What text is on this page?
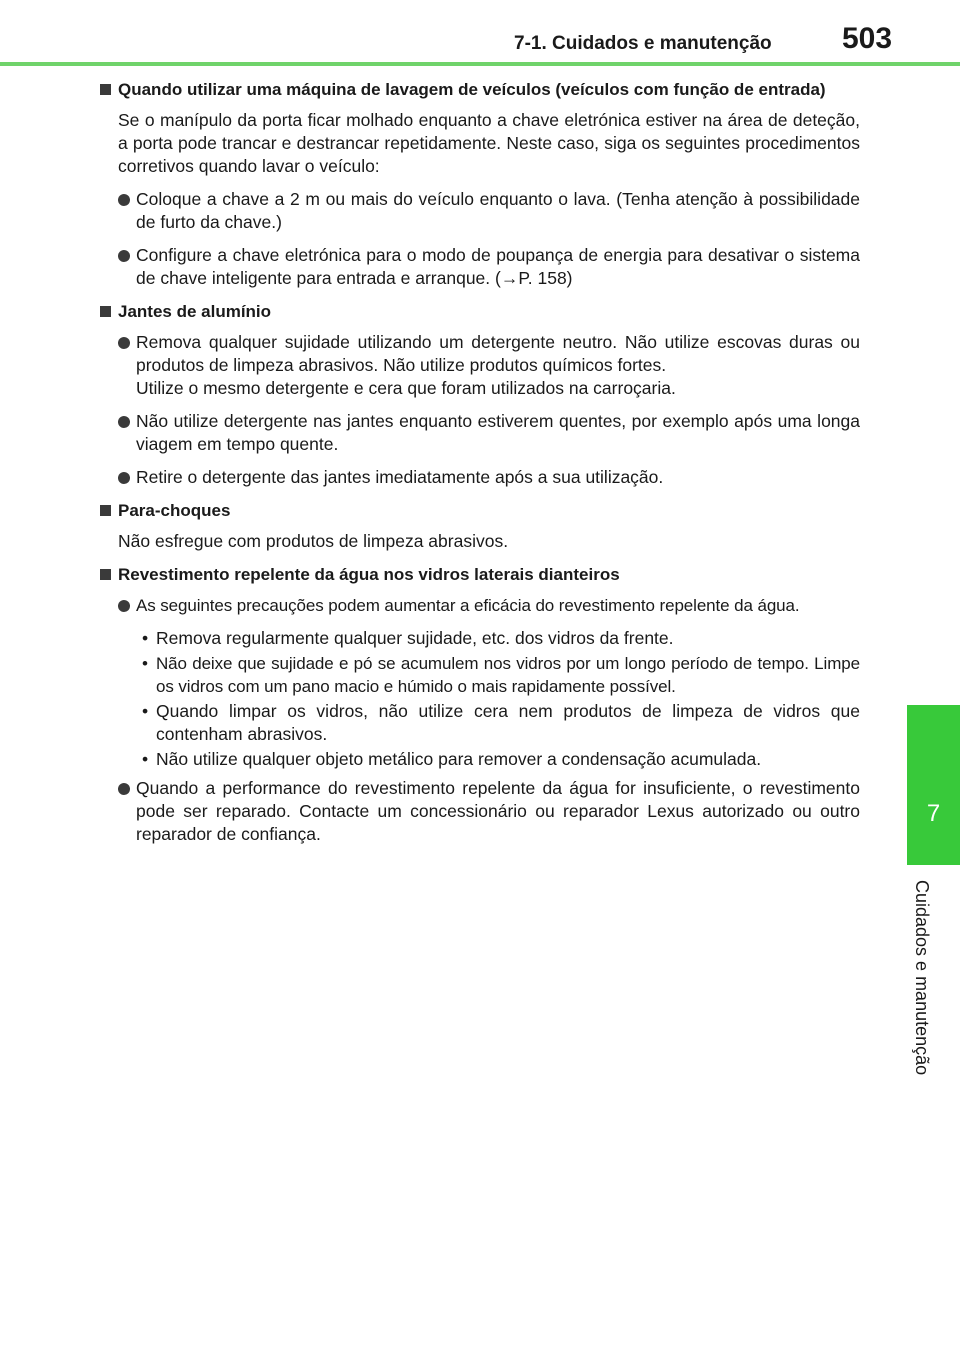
7-1. Cuidados e manutenção 503
7
Cuidados e manutenção
Quando utilizar uma máquina de lavagem de veículos (veículos com função de entrada)
Se o manípulo da porta ficar molhado enquanto a chave eletrónica estiver na área de deteção, a porta pode trancar e destrancar repetidamente. Neste caso, siga os seguintes procedimentos corretivos quando lavar o veículo:
Coloque a chave a 2 m ou mais do veículo enquanto o lava. (Tenha atenção à possibilidade de furto da chave.)
Configure a chave eletrónica para o modo de poupança de energia para desativar o sistema de chave inteligente para entrada e arranque. (→P. 158)
Jantes de alumínio
Remova qualquer sujidade utilizando um detergente neutro. Não utilize escovas duras ou produtos de limpeza abrasivos. Não utilize produtos químicos fortes.
Utilize o mesmo detergente e cera que foram utilizados na carroçaria.
Não utilize detergente nas jantes enquanto estiverem quentes, por exemplo após uma longa viagem em tempo quente.
Retire o detergente das jantes imediatamente após a sua utilização.
Para-choques
Não esfregue com produtos de limpeza abrasivos.
Revestimento repelente da água nos vidros laterais dianteiros
As seguintes precauções podem aumentar a eficácia do revestimento repelente da água.
• Remova regularmente qualquer sujidade, etc. dos vidros da frente.
• Não deixe que sujidade e pó se acumulem nos vidros por um longo período de tempo. Limpe os vidros com um pano macio e húmido o mais rapidamente possível.
• Quando limpar os vidros, não utilize cera nem produtos de limpeza de vidros que contenham abrasivos.
• Não utilize qualquer objeto metálico para remover a condensação acumulada.
Quando a performance do revestimento repelente da água for insuficiente, o revestimento pode ser reparado. Contacte um concessionário ou reparador Lexus autorizado ou outro reparador de confiança.
